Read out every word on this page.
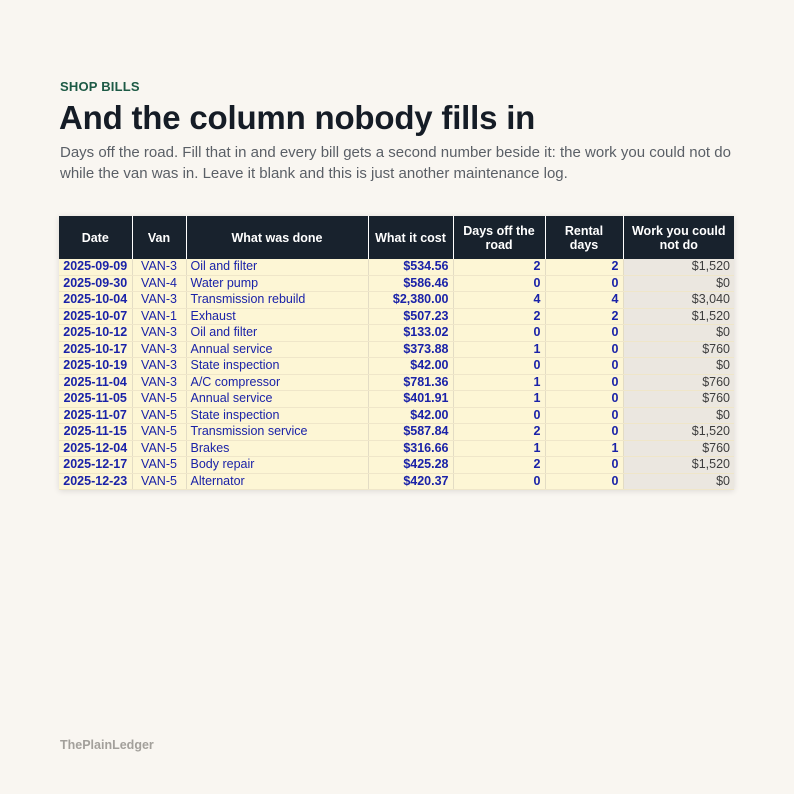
SHOP BILLS
And the column nobody fills in

Days off the road. Fill that in and every bill gets a second number beside it: the work you could not do while the van was in. Leave it blank and this is just another maintenance log.

Date	Van	What was done	What it cost	Days off the road	Rental days	Work you could not do
2025-09-09	VAN-3	Oil and filter	$534.56	2	2	$1,520
2025-09-30	VAN-4	Water pump	$586.46	0	0	$0
2025-10-04	VAN-3	Transmission rebuild	$2,380.00	4	4	$3,040
2025-10-07	VAN-1	Exhaust	$507.23	2	2	$1,520
2025-10-12	VAN-3	Oil and filter	$133.02	0	0	$0
2025-10-17	VAN-3	Annual service	$373.88	1	0	$760
2025-10-19	VAN-3	State inspection	$42.00	0	0	$0
2025-11-04	VAN-3	A/C compressor	$781.36	1	0	$760
2025-11-05	VAN-5	Annual service	$401.91	1	0	$760
2025-11-07	VAN-5	State inspection	$42.00	0	0	$0
2025-11-15	VAN-5	Transmission service	$587.84	2	0	$1,520
2025-12-04	VAN-5	Brakes	$316.66	1	1	$760
2025-12-17	VAN-5	Body repair	$425.28	2	0	$1,520
2025-12-23	VAN-5	Alternator	$420.37	0	0	$0
ThePlainLedger
